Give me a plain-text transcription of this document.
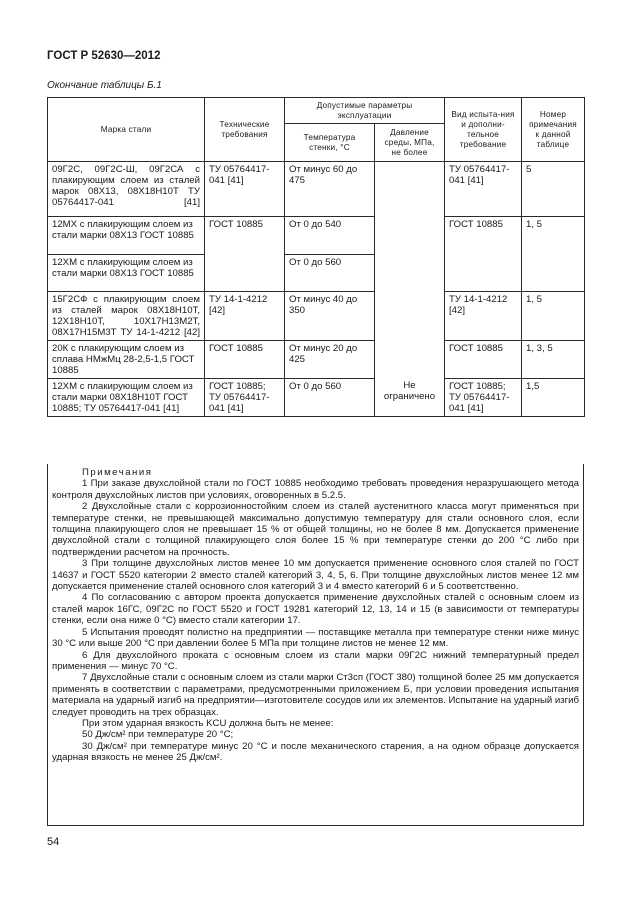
ГОСТ Р 52630—2012
Окончание таблицы Б.1
Марка стали	Технические требования	Допустимые параметры эксплуатации		Вид испыта-ния и дополни-тельное требование	Номер примечания к данной таблице
		Температура стенки, °С	Давление среды, МПа, не более		
09Г2С, 09Г2С-Ш, 09Г2СА с плакирующим слоем из сталей марок 08Х13, 08Х18Н10Т ТУ 05764417-041 [41]	ТУ 05764417-041 [41]	От минус 60 до 475	Не ограничено	ТУ 05764417-041 [41]	5
12МХ с плакирующим слоем из стали марки 08Х13 ГОСТ 10885	ГОСТ 10885	От 0 до 540		ГОСТ 10885	1, 5
12ХМ с плакирующим слоем из стали марки 08Х13 ГОСТ 10885		От 0 до 560			
15Г2СФ с плакирующим слоем из сталей марок 08Х18Н10Т, 12Х18Н10Т, 10Х17Н13М2Т, 08Х17Н15М3Т ТУ 14-1-4212 [42]	ТУ 14-1-4212 [42]	От минус 40 до 350		ТУ 14-1-4212 [42]	1, 5
20К с плакирующим слоем из сплава НМжМц 28-2,5-1,5 ГОСТ 10885	ГОСТ 10885	От минус 20 до 425		ГОСТ 10885	1, 3, 5
12ХМ с плакирующим слоем из стали марки 08Х18Н10Т ГОСТ 10885; ТУ 05764417-041 [41]	ГОСТ 10885; ТУ 05764417-041 [41]	От 0 до 560		ГОСТ 10885; ТУ 05764417-041 [41]	1,5

Примечания

1 При заказе двухслойной стали по ГОСТ 10885 необходимо требовать проведения неразрушающего метода контроля двухслойных листов при условиях, оговоренных в 5.2.5.

2 Двухслойные стали с коррозионностойким слоем из сталей аустенитного класса могут применяться при температуре стенки, не превышающей максимально допустимую температуру для стали основного слоя, если толщина плакирующего слоя не превышает 15 % от общей толщины, но не более 8 мм. Допускается применение двухслойной стали с толщиной плакирующего слоя более 15 % при температуре стенки до 200 °С либо при подтверждении расчетом на прочность.

3 При толщине двухслойных листов менее 10 мм допускается применение основного слоя сталей по ГОСТ 14637 и ГОСТ 5520 категории 2 вместо сталей категорий 3, 4, 5, 6. При толщине двухслойных листов менее 12 мм допускается применение сталей основного слоя категорий 3 и 4 вместо категорий 6 и 5 соответственно.

4 По согласованию с автором проекта допускается применение двухслойных сталей с основным слоем из сталей марок 16ГС, 09Г2С по ГОСТ 5520 и ГОСТ 19281 категорий 12, 13, 14 и 15 (в зависимости от температуры стенки, если она ниже 0 °С) вместо стали категории 17.

5 Испытания проводят полистно на предприятии — поставщике металла при температуре стенки ниже минус 30 °С или выше 200 °С при давлении более 5 МПа при толщине листов не менее 12 мм.

6 Для двухслойного проката с основным слоем из стали марки 09Г2С нижний температурный предел применения — минус 70 °С.

7 Двухслойные стали с основным слоем из стали марки Ст3сп (ГОСТ 380) толщиной более 25 мм допускается применять в соответствии с параметрами, предусмотренными приложением Б, при условии проведения испытания материала на ударный изгиб на предприятии—изготовителе сосудов или их элементов. Испытание на ударный изгиб следует проводить на трех образцах.

При этом ударная вязкость KCU должна быть не менее:

50 Дж/см² при температуре 20 °С;

30 Дж/см² при температуре минус 20 °С и после механического старения, а на одном образце допускается ударная вязкость не менее 25 Дж/см².

54
